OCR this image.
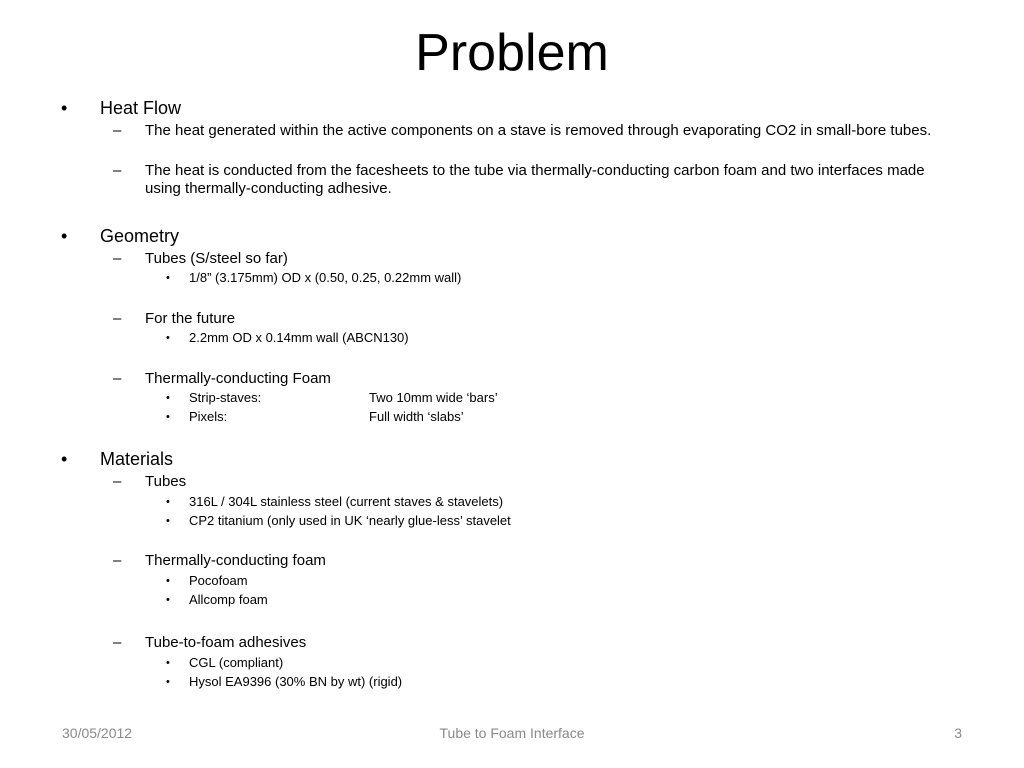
Problem
• Heat Flow
– The heat generated within the active components on a stave is removed through evaporating CO2 in small-bore tubes.
– The heat is conducted from the facesheets to the tube via thermally-conducting carbon foam and two interfaces made using thermally-conducting adhesive.
• Geometry
– Tubes (S/steel so far)
• 1/8” (3.175mm) OD x (0.50, 0.25, 0.22mm wall)
– For the future
• 2.2mm OD x 0.14mm wall (ABCN130)
– Thermally-conducting Foam
• Strip-staves:	Two 10mm wide ‘bars’
• Pixels:	Full width ‘slabs’
• Materials
– Tubes
• 316L / 304L stainless steel (current staves & stavelets)
• CP2 titanium (only used in UK ‘nearly glue-less’ stavelet
– Thermally-conducting foam
• Pocofoam
• Allcomp foam
– Tube-to-foam adhesives
• CGL (compliant)
• Hysol EA9396 (30% BN by wt) (rigid)
30/05/2012	Tube to Foam Interface	3
